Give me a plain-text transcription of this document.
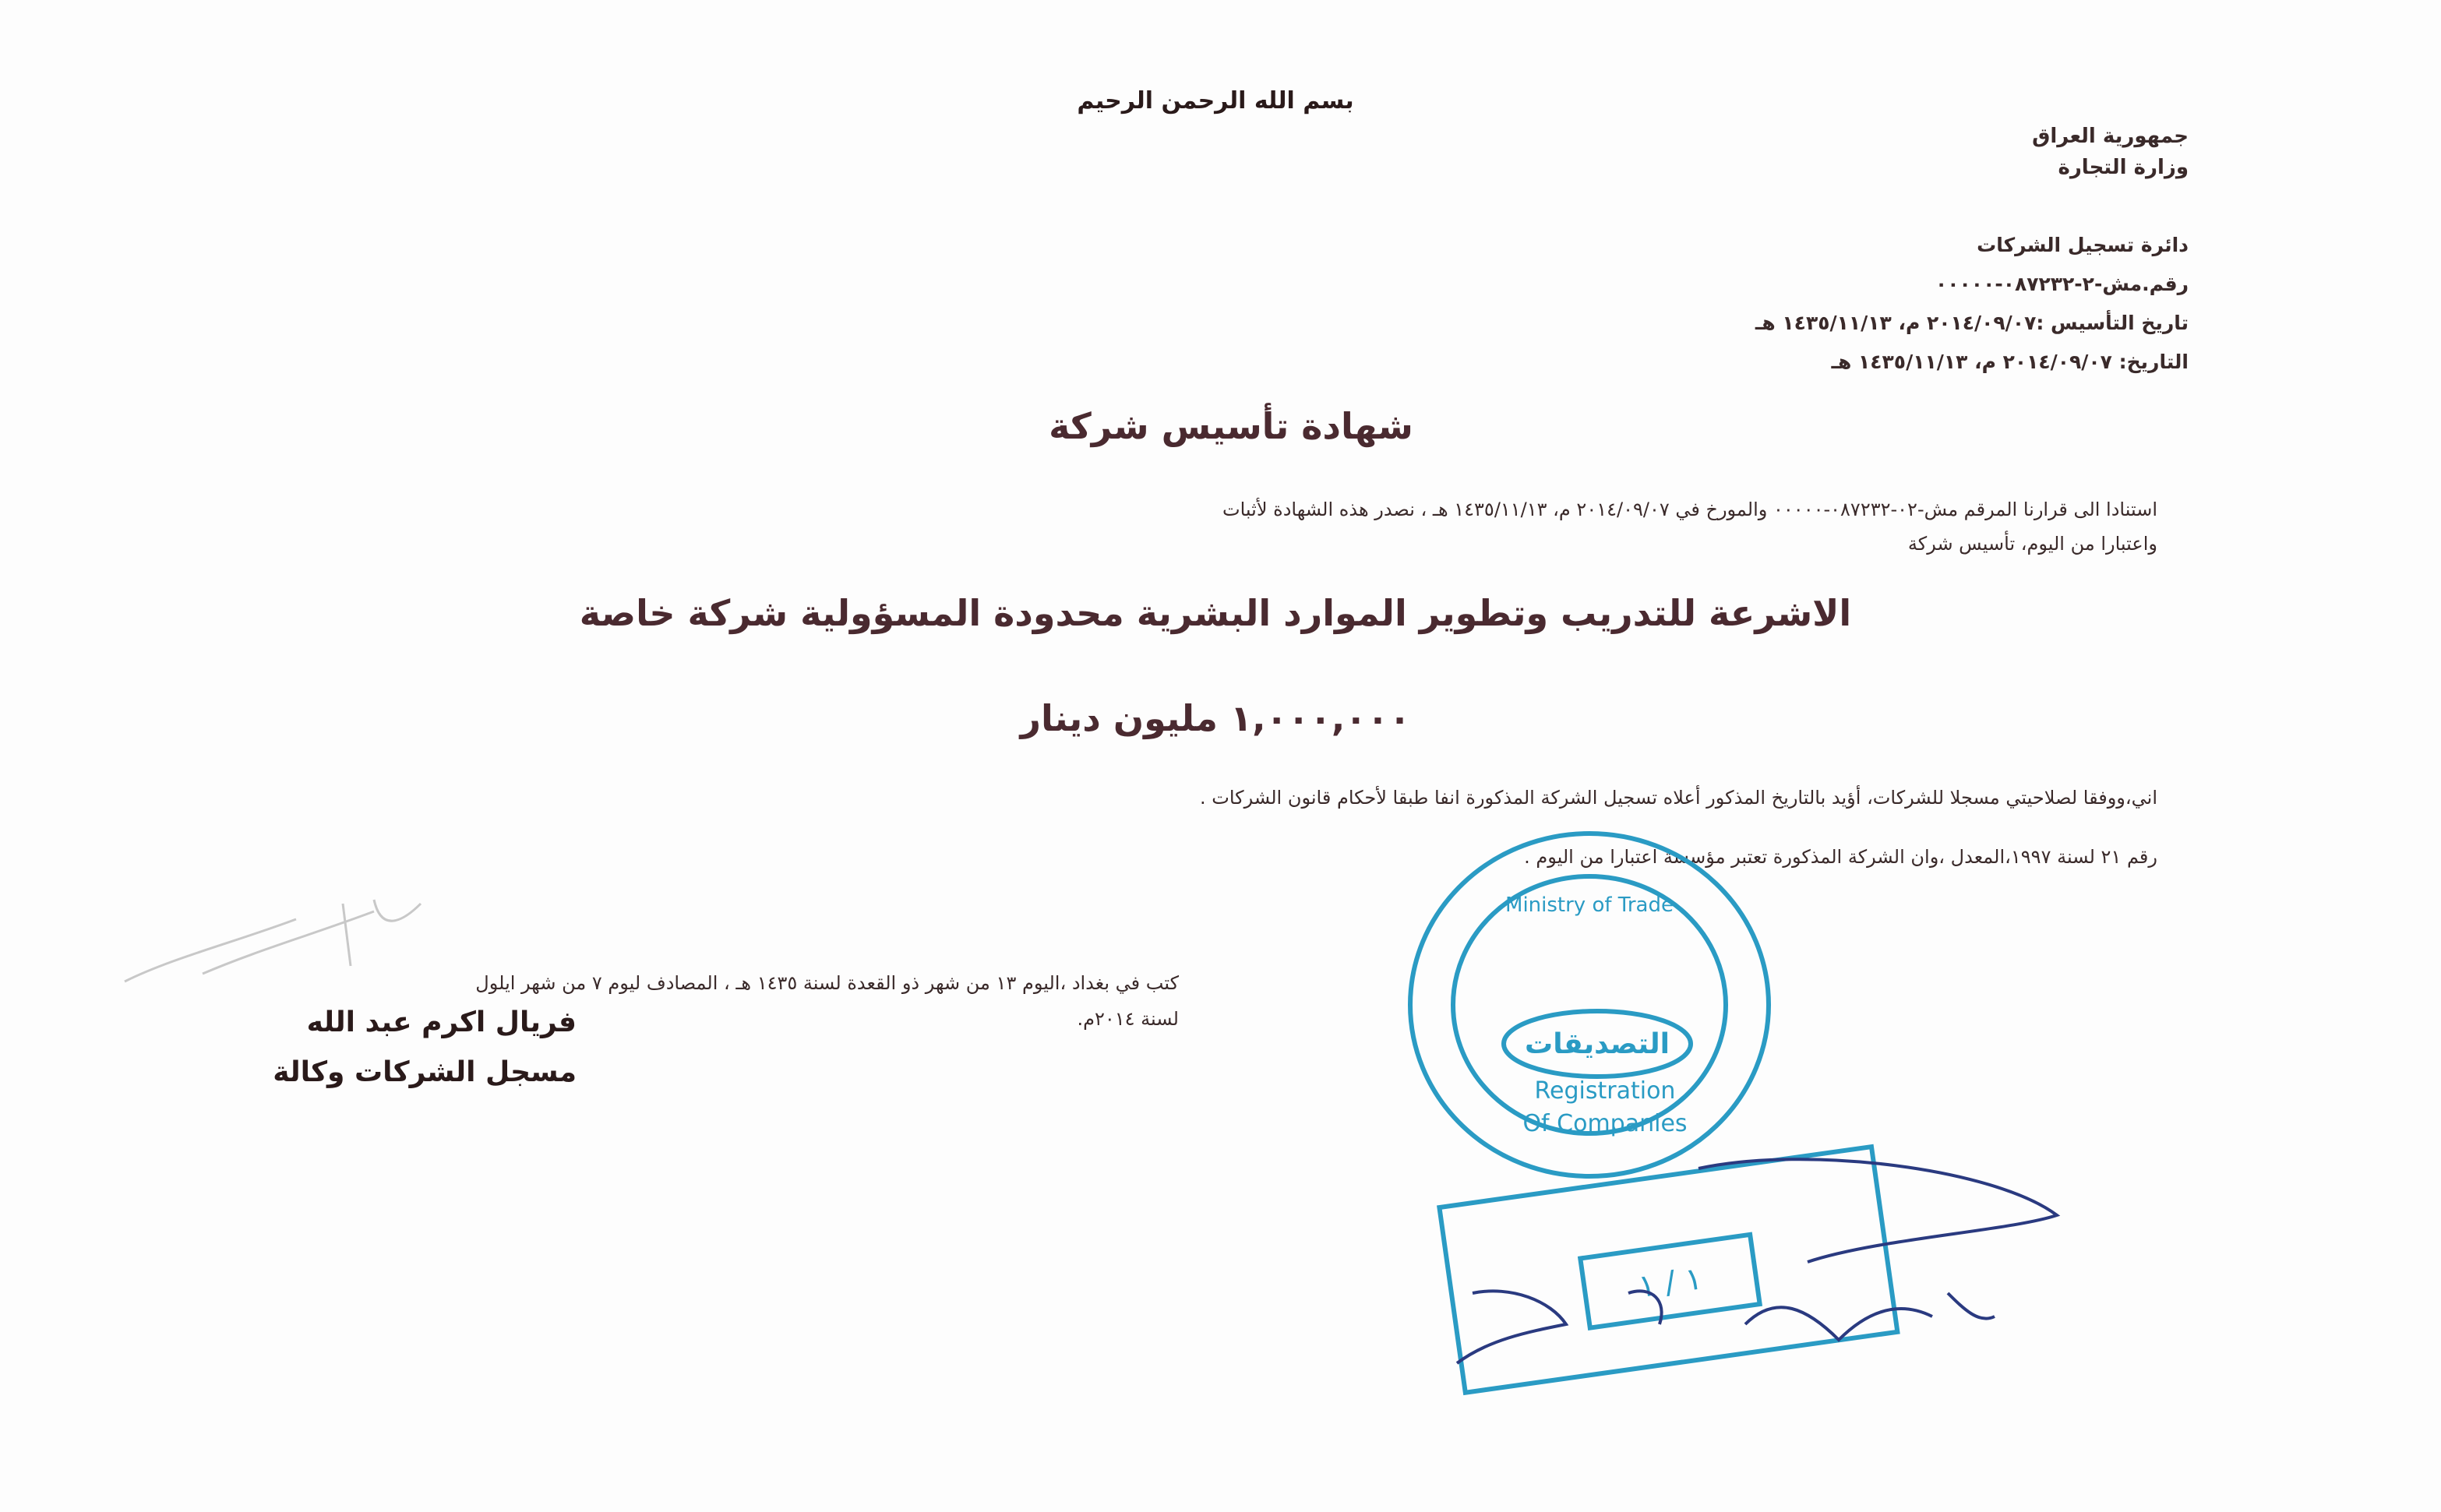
بسم الله الرحمن الرحيم
جمهورية العراق
وزارة التجارة
دائرة تسجيل الشركات
رقم.مش-٢-٠٨٧٢٣٢-٠٠٠٠٠
تاريخ التأسيس :٢٠١٤/٠٩/٠٧ م، ١٤٣٥/١١/١٣ هـ
التاريخ: ٢٠١٤/٠٩/٠٧ م، ١٤٣٥/١١/١٣ هـ
شهادة تأسيس شركة
استنادا الى قرارنا المرقم مش-٠٢-٠٨٧٢٣٢-٠٠٠٠٠ والمورخ في ٢٠١٤/٠٩/٠٧ م، ١٤٣٥/١١/١٣ هـ ، نصدر هذه الشهادة لأثبات
واعتبارا من اليوم، تأسيس شركة
الاشرعة للتدريب وتطوير الموارد البشرية محدودة المسؤولية شركة خاصة
١,٠٠٠,٠٠٠ مليون دينار
اني،ووفقا لصلاحيتي مسجلا للشركات، أؤيد بالتاريخ المذكور أعلاه تسجيل الشركة المذكورة انفا طبقا لأحكام قانون الشركات .
رقم ٢١ لسنة ١٩٩٧،المعدل ،وان الشركة المذكورة تعتبر مؤسسة اعتبارا من اليوم .
كتب في بغداد ،اليوم ١٣ من شهر ذو القعدة لسنة ١٤٣٥ هـ ، المصادف ليوم ٧ من شهر ايلول
لسنة ٢٠١٤م.
فريال اكرم عبد الله
مسجل الشركات وكالة
Ministry of Trade
التصديقات
Registration
Of Companies
١ / ١
